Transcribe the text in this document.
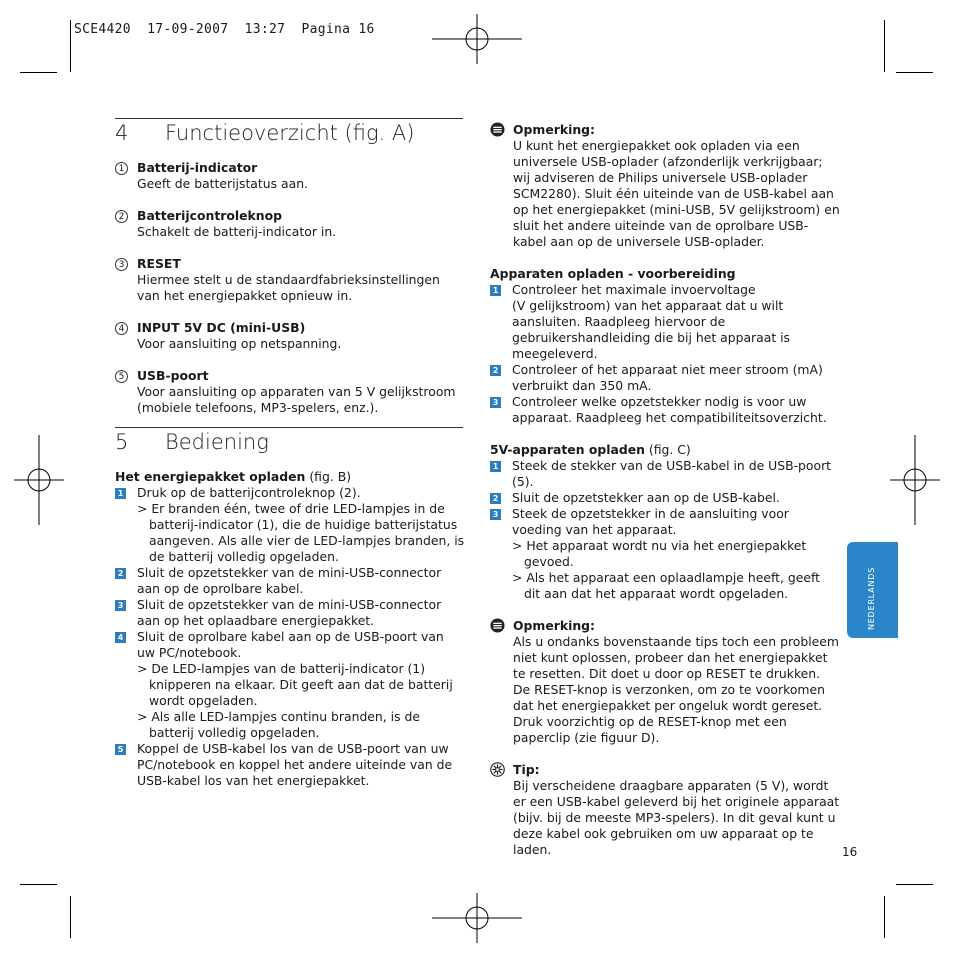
SCE4420  17-09-2007  13:27  Pagina 16
4 Functieoverzicht (fig. A)
1 Batterij-indicator

Geeft de batterijstatus aan.

2 Batterijcontroleknop

Schakelt de batterij-indicator in.

3 RESET

Hiermee stelt u de standaardfabrieksinstellingen van het energiepakket opnieuw in.

4 INPUT 5V DC (mini-USB)

Voor aansluiting op netspanning.

5 USB-poort

Voor aansluiting op apparaten van 5 V gelijkstroom (mobiele telefoons, MP3-spelers, enz.).

5 Bediening

Het energiepakket opladen (fig. B)

1 Druk op de batterijcontroleknop (2).

> Er branden één, twee of drie LED-lampjes in de batterij-indicator (1), die de huidige batterijstatus aangeven. Als alle vier de LED-lampjes branden, is de batterij volledig opgeladen.

2 Sluit de opzetstekker van de mini-USB-connector aan op de oprolbare kabel.

3 Sluit de opzetstekker van de mini-USB-connector aan op het oplaadbare energiepakket.

4 Sluit de oprolbare kabel aan op de USB-poort van uw PC/notebook.

> De LED-lampjes van de batterij-indicator (1) knipperen na elkaar. Dit geeft aan dat de batterij wordt opgeladen.

> Als alle LED-lampjes continu branden, is de batterij volledig opgeladen.

5 Koppel de USB-kabel los van de USB-poort van uw PC/notebook en koppel het andere uiteinde van de USB-kabel los van het energiepakket.

Opmerking:

U kunt het energiepakket ook opladen via een universele USB-oplader (afzonderlijk verkrijgbaar; wij adviseren de Philips universele USB-oplader SCM2280). Sluit één uiteinde van de USB-kabel aan op het energiepakket (mini-USB, 5V gelijkstroom) en sluit het andere uiteinde van de oprolbare USB-kabel aan op de universele USB-oplader.

Apparaten opladen - voorbereiding

1 Controleer het maximale invoervoltage

(V gelijkstroom) van het apparaat dat u wilt aansluiten. Raadpleeg hiervoor de gebruikershandleiding die bij het apparaat is meegeleverd.

2 Controleer of het apparaat niet meer stroom (mA) verbruikt dan 350 mA.

3 Controleer welke opzetstekker nodig is voor uw apparaat. Raadpleeg het compatibiliteitsoverzicht.

5V-apparaten opladen (fig. C)

1 Steek de stekker van de USB-kabel in de USB-poort (5).

2 Sluit de opzetstekker aan op de USB-kabel.

3 Steek de opzetstekker in de aansluiting voor voeding van het apparaat.

> Het apparaat wordt nu via het energiepakket gevoed.

> Als het apparaat een oplaadlampje heeft, geeft dit aan dat het apparaat wordt opgeladen.

Opmerking:

Als u ondanks bovenstaande tips toch een probleem niet kunt oplossen, probeer dan het energiepakket te resetten. Dit doet u door op RESET te drukken.

De RESET-knop is verzonken, om zo te voorkomen dat het energiepakket per ongeluk wordt gereset. Druk voorzichtig op de RESET-knop met een paperclip (zie figuur D).

Tip:

Bij verscheidene draagbare apparaten (5 V), wordt er een USB-kabel geleverd bij het originele apparaat (bijv. bij de meeste MP3-spelers). In dit geval kunt u deze kabel ook gebruiken om uw apparaat op te laden.

NEDERLANDS
16
